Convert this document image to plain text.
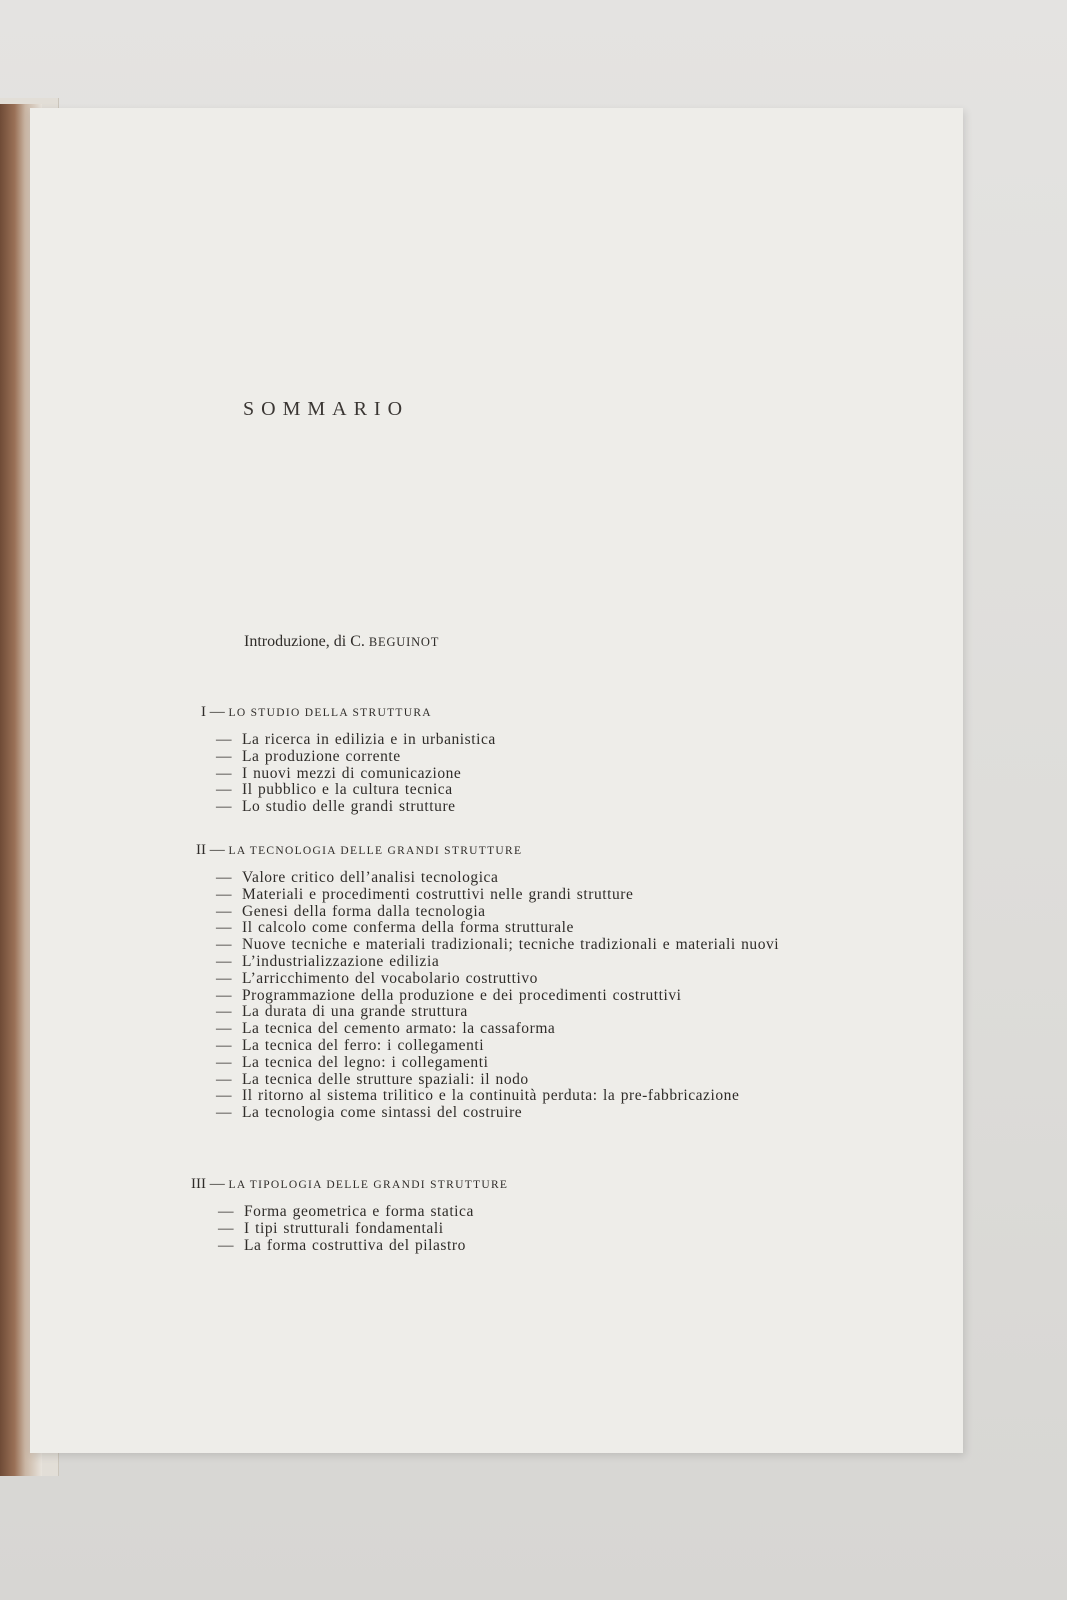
SOMMARIO
Introduzione, di C. BEGUINOT
I — LO STUDIO DELLA STRUTTURA
— La ricerca in edilizia e in urbanistica
— La produzione corrente
— I nuovi mezzi di comunicazione
— Il pubblico e la cultura tecnica
— Lo studio delle grandi strutture
II — LA TECNOLOGIA DELLE GRANDI STRUTTURE
— Valore critico dell’analisi tecnologica
— Materiali e procedimenti costruttivi nelle grandi strutture
— Genesi della forma dalla tecnologia
— Il calcolo come conferma della forma strutturale
— Nuove tecniche e materiali tradizionali; tecniche tradizionali e materiali nuovi
— L’industrializzazione edilizia
— L’arricchimento del vocabolario costruttivo
— Programmazione della produzione e dei procedimenti costruttivi
— La durata di una grande struttura
— La tecnica del cemento armato: la cassaforma
— La tecnica del ferro: i collegamenti
— La tecnica del legno: i collegamenti
— La tecnica delle strutture spaziali: il nodo
— Il ritorno al sistema trilitico e la continuità perduta: la pre-fabbricazione
— La tecnologia come sintassi del costruire
III — LA TIPOLOGIA DELLE GRANDI STRUTTURE
— Forma geometrica e forma statica
— I tipi strutturali fondamentali
— La forma costruttiva del pilastro
